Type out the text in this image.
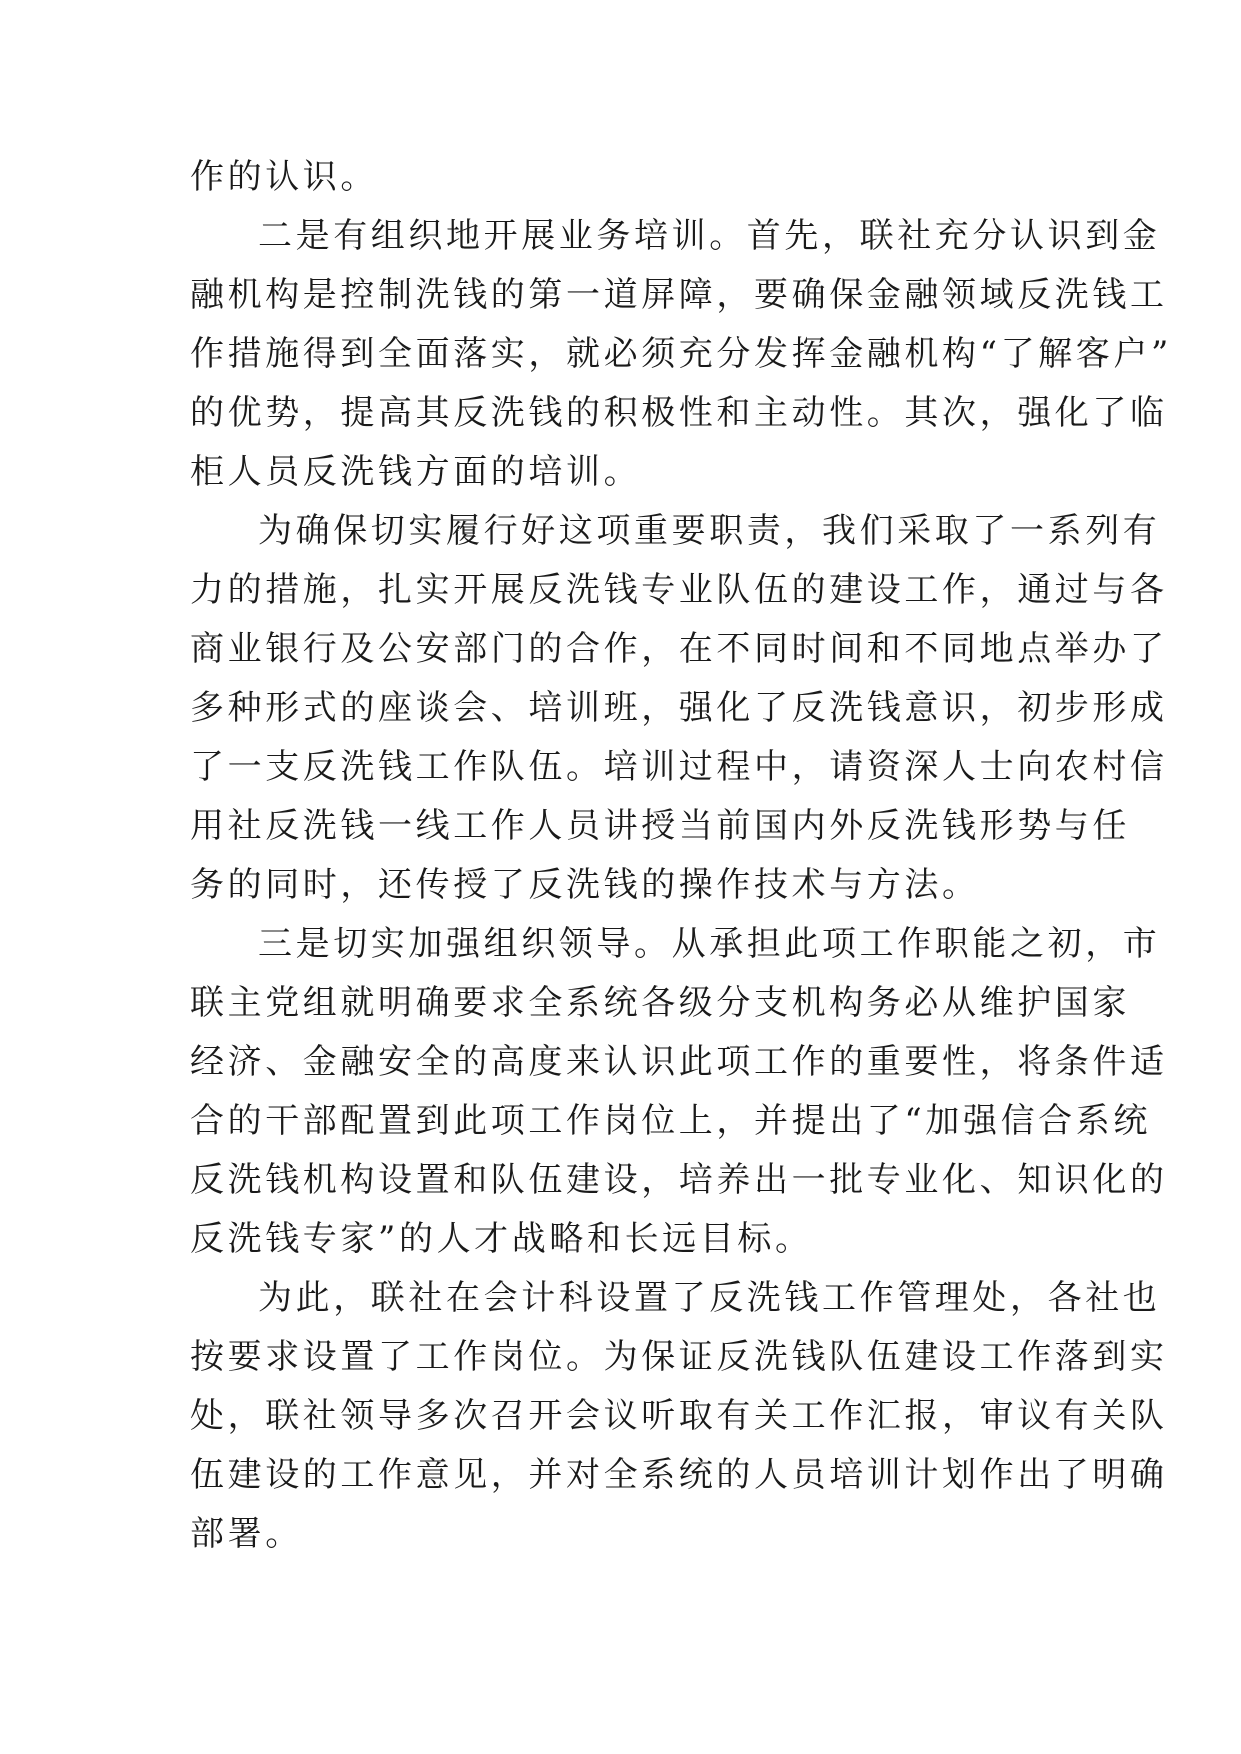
作的认识。
二是有组织地开展业务培训。首先，联社充分认识到金
融机构是控制洗钱的第一道屏障，要确保金融领域反洗钱工
作措施得到全面落实，就必须充分发挥金融机构“了解客户”
的优势，提高其反洗钱的积极性和主动性。其次，强化了临
柜人员反洗钱方面的培训。
为确保切实履行好这项重要职责，我们采取了一系列有
力的措施，扎实开展反洗钱专业队伍的建设工作，通过与各
商业银行及公安部门的合作，在不同时间和不同地点举办了
多种形式的座谈会、培训班，强化了反洗钱意识，初步形成
了一支反洗钱工作队伍。培训过程中，请资深人士向农村信
用社反洗钱一线工作人员讲授当前国内外反洗钱形势与任
务的同时，还传授了反洗钱的操作技术与方法。
三是切实加强组织领导。从承担此项工作职能之初，市
联主党组就明确要求全系统各级分支机构务必从维护国家
经济、金融安全的高度来认识此项工作的重要性，将条件适
合的干部配置到此项工作岗位上，并提出了“加强信合系统
反洗钱机构设置和队伍建设，培养出一批专业化、知识化的
反洗钱专家”的人才战略和长远目标。
为此，联社在会计科设置了反洗钱工作管理处，各社也
按要求设置了工作岗位。为保证反洗钱队伍建设工作落到实
处，联社领导多次召开会议听取有关工作汇报，审议有关队
伍建设的工作意见，并对全系统的人员培训计划作出了明确
部署。
